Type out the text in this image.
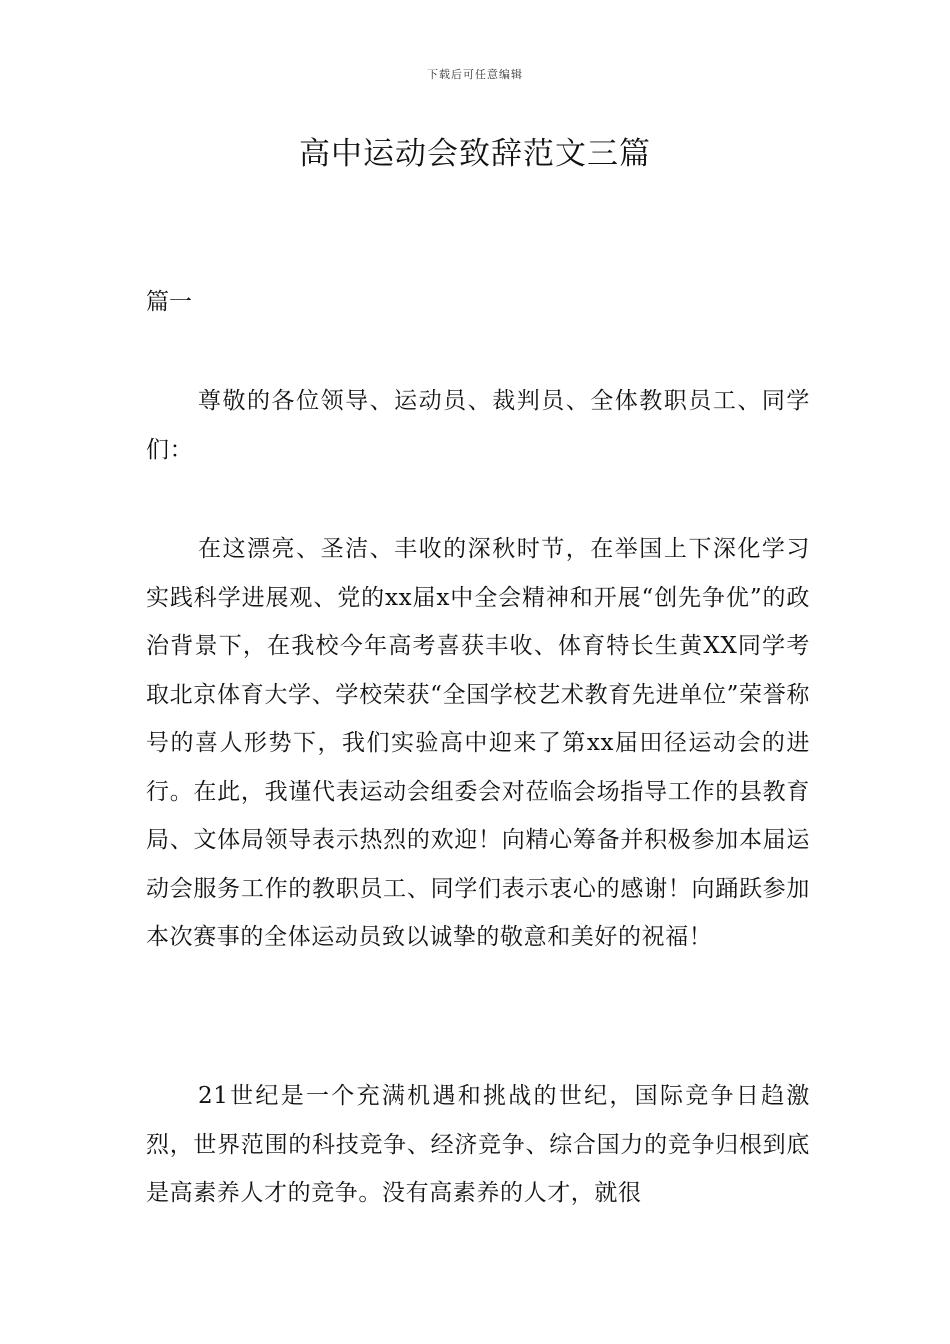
下载后可任意编辑
高中运动会致辞范文三篇
篇一

尊敬的各位领导、运动员、裁判员、全体教职员工、同学们：

在这漂亮、圣洁、丰收的深秋时节，在举国上下深化学习实践科学进展观、党的xx届x中全会精神和开展“创先争优”的政治背景下，在我校今年高考喜获丰收、体育特长生黄XX同学考取北京体育大学、学校荣获“全国学校艺术教育先进单位”荣誉称号的喜人形势下，我们实验高中迎来了第xx届田径运动会的进行。在此，我谨代表运动会组委会对莅临会场指导工作的县教育局、文体局领导表示热烈的欢迎！向精心筹备并积极参加本届运动会服务工作的教职员工、同学们表示衷心的感谢！向踊跃参加本次赛事的全体运动员致以诚挚的敬意和美好的祝福！

21世纪是一个充满机遇和挑战的世纪，国际竞争日趋激烈，世界范围的科技竞争、经济竞争、综合国力的竞争归根到底是高素养人才的竞争。没有高素养的人才，就很
